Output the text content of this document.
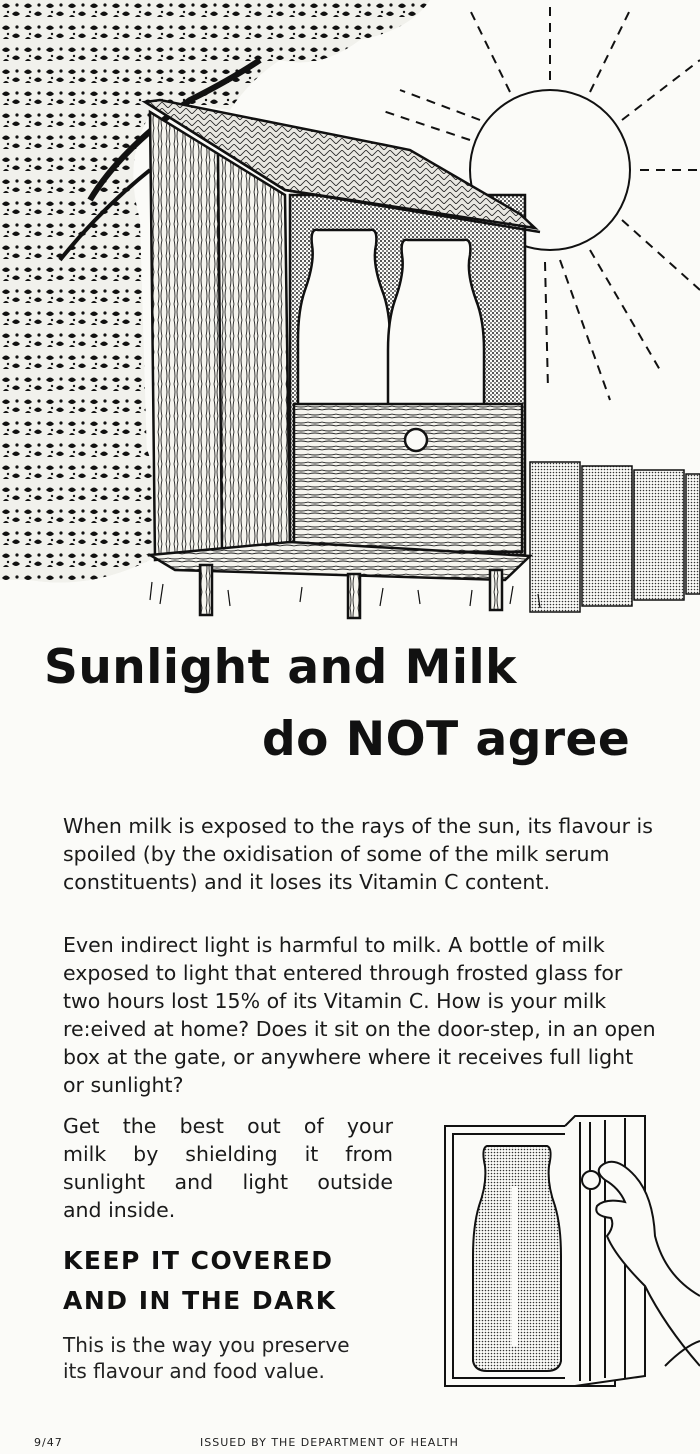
Sunlight and Milk
do NOT agree

When milk is exposed to the rays of the sun, its flavour is spoiled (by the oxidisation of some of the milk serum constituents) and it loses its Vitamin C content.

Even indirect light is harmful to milk. A bottle of milk exposed to light that entered through frosted glass for two hours lost 15% of its Vitamin C. How is your milk re:eived at home? Does it sit on the door-step, in an open box at the gate, or anywhere where it receives full light or sunlight?

Get the best out of your
milk by shielding it from
sunlight and light outside
and inside.

KEEP IT COVERED

AND IN THE DARK

This is the way you preserve
its flavour and food value.

9/47	ISSUED BY THE DEPARTMENT OF HEALTH
